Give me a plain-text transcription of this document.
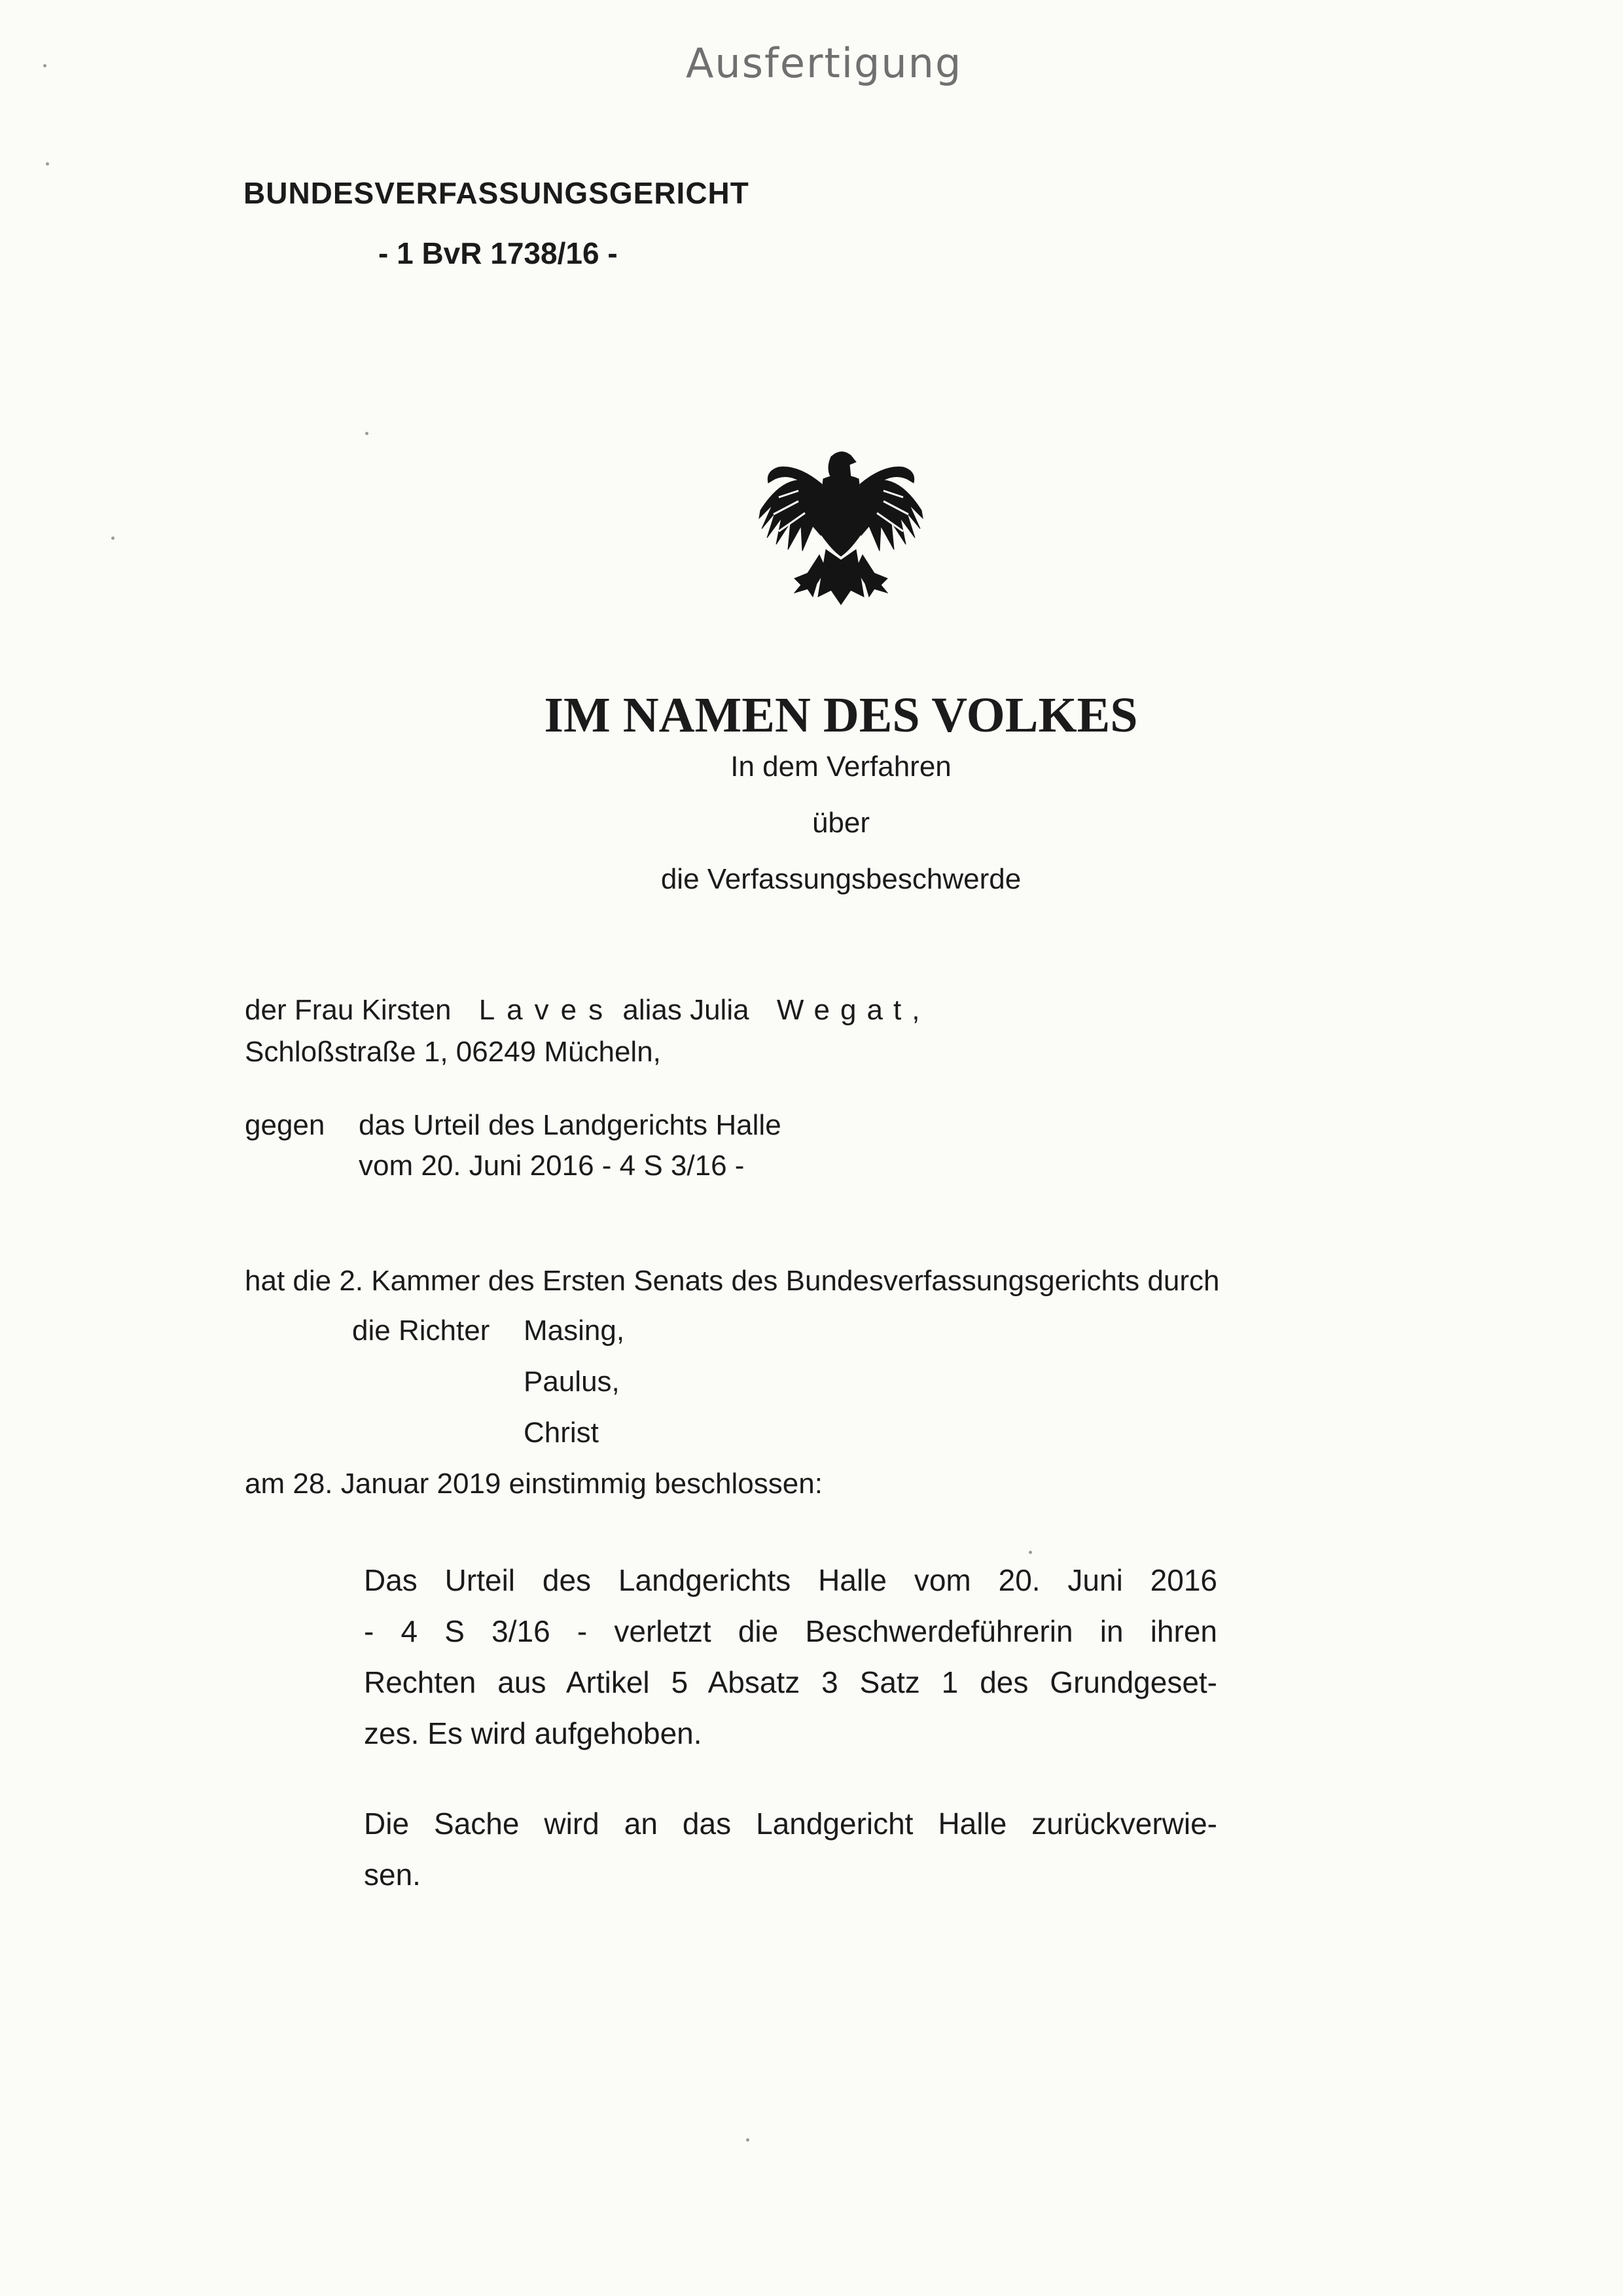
Ausfertigung
BUNDESVERFASSUNGSGERICHT
- 1 BvR 1738/16 -
IM NAMEN DES VOLKES
In dem Verfahren
über
die Verfassungsbeschwerde
der Frau Kirsten Laves alias Julia Wegat,
Schloßstraße 1, 06249 Mücheln,
gegen das Urteil des Landgerichts Halle
vom 20. Juni 2016 - 4 S 3/16 -
hat die 2. Kammer des Ersten Senats des Bundesverfassungsgerichts durch
die Richter Masing,
Paulus,
Christ
am 28. Januar 2019 einstimmig beschlossen:
Das Urteil des Landgerichts Halle vom 20. Juni 2016
- 4 S 3/16 - verletzt die Beschwerdeführerin in ihren
Rechten aus Artikel 5 Absatz 3 Satz 1 des Grundgeset-
zes. Es wird aufgehoben.
Die Sache wird an das Landgericht Halle zurückverwie-
sen.
